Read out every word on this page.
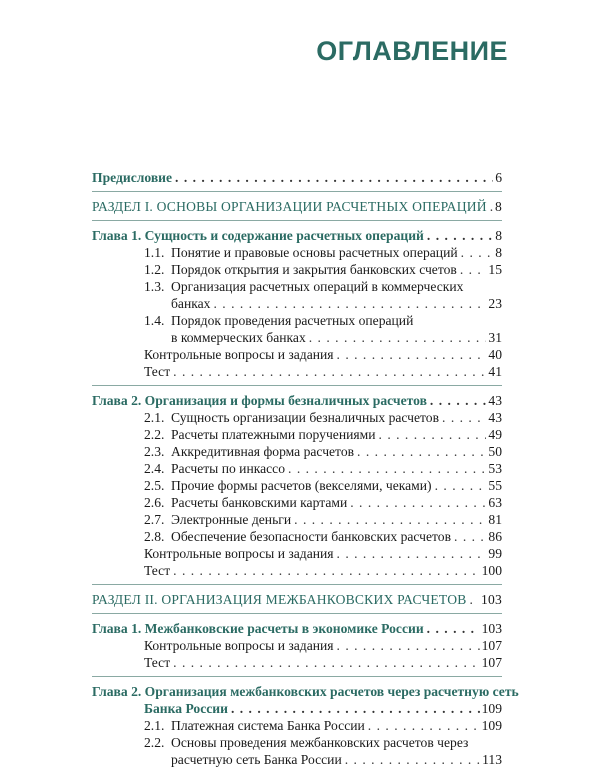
ОГЛАВЛЕНИЕ
Предисловие . . .	6
РАЗДЕЛ I. ОСНОВЫ ОРГАНИЗАЦИИ РАСЧЕТНЫХ ОПЕРАЦИЙ . . . 8
Глава 1. Сущность и содержание расчетных операций . . .	8
1.1. Понятие и правовые основы расчетных операций . . .	8
1.2. Порядок открытия и закрытия банковских счетов . . . 15
1.3. Организация расчетных операций в коммерческих
банках . . .	23
1.4. Порядок проведения расчетных операций
в коммерческих банках . . .	31
Контрольные вопросы и задания . . .	40
Тест . . .	41
Глава 2. Организация и формы безналичных расчетов . . .	43
2.1. Сущность организации безналичных расчетов . . .	43
2.2. Расчеты платежными поручениями . . .	49
2.3. Аккредитивная форма расчетов . . .	50
2.4. Расчеты по инкассо . . .	53
2.5. Прочие формы расчетов (векселями, чеками) . . .	55
2.6. Расчеты банковскими картами . . .	63
2.7. Электронные деньги . . .	81
2.8. Обеспечение безопасности банковских расчетов . . .	86
Контрольные вопросы и задания . . .	99
Тест . . .	100
РАЗДЕЛ II. ОРГАНИЗАЦИЯ МЕЖБАНКОВСКИХ РАСЧЕТОВ . . . 103
Глава 1. Межбанковские расчеты в экономике России . . .	103
Контрольные вопросы и задания . . .	107
Тест . . .	107
Глава 2. Организация межбанковских расчетов через расчетную сеть
Банка России . . .	109
2.1. Платежная система Банка России . . .	109
2.2. Основы проведения межбанковских расчетов через
расчетную сеть Банка России . . .	113
